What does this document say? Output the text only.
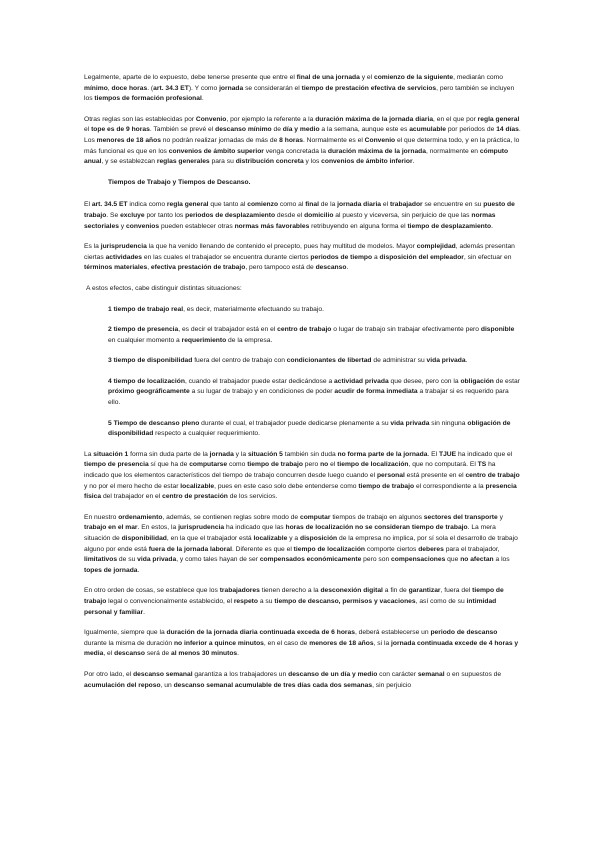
Legalmente, aparte de lo expuesto, debe tenerse presente que entre el final de una jornada y el comienzo de la siguiente, mediarán como mínimo, doce horas. (art. 34.3 ET). Y como jornada se considerarán el tiempo de prestación efectiva de servicios, pero también se incluyen los tiempos de formación profesional.

Otras reglas son las establecidas por Convenio, por ejemplo la referente a la duración máxima de la jornada diaria, en el que por regla general el tope es de 9 horas. También se prevé el descanso mínimo de día y medio a la semana, aunque este es acumulable por periodos de 14 días. Los menores de 18 años no podrán realizar jornadas de más de 8 horas. Normalmente es el Convenio el que determina todo, y en la práctica, lo más funcional es que en los convenios de ámbito superior venga concretada la duración máxima de la jornada, normalmente en cómputo anual, y se establezcan reglas generales para su distribución concreta y los convenios de ámbito inferior.

Tiempos de Trabajo y Tiempos de Descanso.

El art. 34.5 ET indica como regla general que tanto al comienzo como al final de la jornada diaria el trabajador se encuentre en su puesto de trabajo. Se excluye por tanto los periodos de desplazamiento desde el domicilio al puesto y viceversa, sin perjuicio de que las normas sectoriales y convenios pueden establecer otras normas más favorables retribuyendo en alguna forma el tiempo de desplazamiento.

Es la jurisprudencia la que ha venido llenando de contenido el precepto, pues hay multitud de modelos. Mayor complejidad, además presentan ciertas actividades en las cuales el trabajador se encuentra durante ciertos periodos de tiempo a disposición del empleador, sin efectuar en términos materiales, efectiva prestación de trabajo, pero tampoco está de descanso.

A estos efectos, cabe distinguir distintas situaciones:

1 tiempo de trabajo real, es decir, materialmente efectuando su trabajo.

2 tiempo de presencia, es decir el trabajador está en el centro de trabajo o lugar de trabajo sin trabajar efectivamente pero disponible en cualquier momento a requerimiento de la empresa.

3 tiempo de disponibilidad fuera del centro de trabajo con condicionantes de libertad de administrar su vida privada.

4 tiempo de localización, cuando el trabajador puede estar dedicándose a actividad privada que desee, pero con la obligación de estar próximo geográficamente a su lugar de trabajo y en condiciones de poder acudir de forma inmediata a trabajar si es requerido para ello.

5 Tiempo de descanso pleno durante el cual, el trabajador puede dedicarse plenamente a su vida privada sin ninguna obligación de disponibilidad respecto a cualquier requerimiento.

La situación 1 forma sin duda parte de la jornada y la situación 5 también sin duda no forma parte de la jornada. El TJUE ha indicado que el tiempo de presencia sí que ha de computarse como tiempo de trabajo pero no el tiempo de localización, que no computará. El TS ha indicado que los elementos característicos del tiempo de trabajo concurren desde luego cuando el personal está presente en el centro de trabajo y no por el mero hecho de estar localizable, pues en este caso solo debe entenderse como tiempo de trabajo el correspondiente a la presencia física del trabajador en el centro de prestación de los servicios.

En nuestro ordenamiento, además, se contienen reglas sobre modo de computar tiempos de trabajo en algunos sectores del transporte y trabajo en el mar. En estos, la jurisprudencia ha indicado que las horas de localización no se consideran tiempo de trabajo. La mera situación de disponibilidad, en la que el trabajador está localizable y a disposición de la empresa no implica, por sí sola el desarrollo de trabajo alguno por ende está fuera de la jornada laboral. Diferente es que el tiempo de localización comporte ciertos deberes para el trabajador, limitativos de su vida privada, y como tales hayan de ser compensados económicamente pero son compensaciones que no afectan a los topes de jornada.

En otro orden de cosas, se establece que los trabajadores tienen derecho a la desconexión digital a fin de garantizar, fuera del tiempo de trabajo legal o convencionalmente establecido, el respeto a su tiempo de descanso, permisos y vacaciones, así como de su intimidad personal y familiar.

Igualmente, siempre que la duración de la jornada diaria continuada exceda de 6 horas, deberá establecerse un periodo de descanso durante la misma de duración no inferior a quince minutos, en el caso de menores de 18 años, si la jornada continuada excede de 4 horas y media, el descanso será de al menos 30 minutos.

Por otro lado, el descanso semanal garantiza a los trabajadores un descanso de un día y medio con carácter semanal o en supuestos de acumulación del reposo, un descanso semanal acumulable de tres días cada dos semanas, sin perjuicio
